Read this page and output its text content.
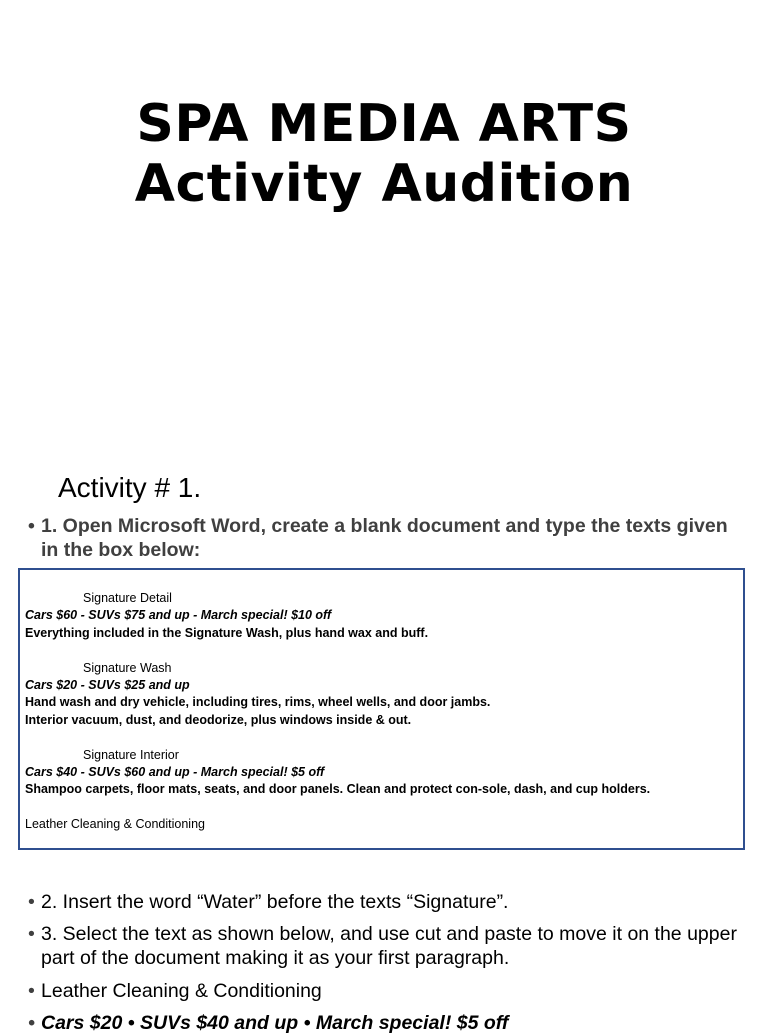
SPA MEDIA ARTS
Activity Audition
Activity # 1.
• 1. Open Microsoft Word, create a blank document and type the texts given in the box below:
Signature Detail
Cars $60 - SUVs $75 and up - March special! $10 off
Everything included in the Signature Wash, plus hand wax and buff.
Signature Wash
Cars $20 - SUVs $25 and up
Hand wash and dry vehicle, including tires, rims, wheel wells, and door jambs.
Interior vacuum, dust, and deodorize, plus windows inside & out.
Signature Interior
Cars $40 - SUVs $60 and up - March special! $5 off
Shampoo carpets, floor mats, seats, and door panels. Clean and protect con-sole, dash, and cup holders.
Leather Cleaning & Conditioning
• 2. Insert the word “Water” before the texts “Signature”.
• 3. Select the text as shown below, and use cut and paste to move it on the upper part of the document making it as your first paragraph.
• Leather Cleaning & Conditioning
• Cars $20 • SUVs $40 and up • March special! $5 off
